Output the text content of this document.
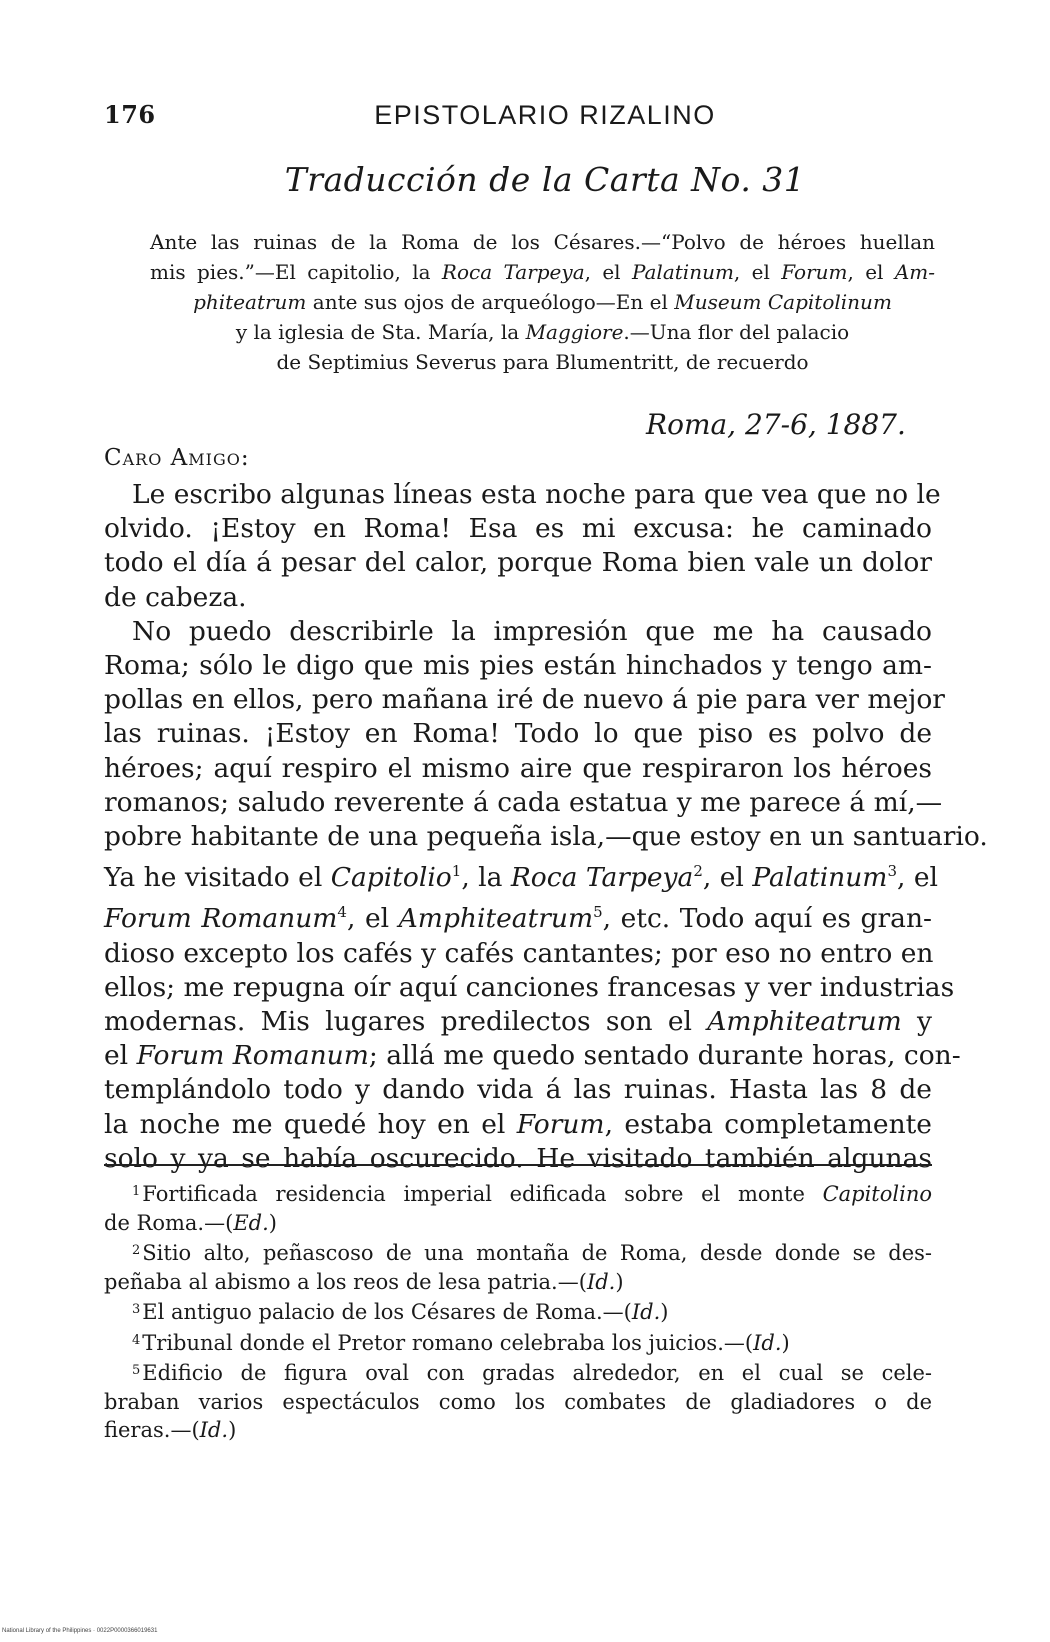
176	EPISTOLARIO RIZALINO
Traducción de la Carta No. 31
Ante las ruinas de la Roma de los Césares.—“Polvo de héroes huellan
mis pies.”—El capitolio, la Roca Tarpeya, el Palatinum, el Forum, el Am-
phiteatrum ante sus ojos de arqueólogo—En el Museum Capitolinum
y la iglesia de Sta. María, la Maggiore.—Una flor del palacio
de Septimius Severus para Blumentritt, de recuerdo
Roma, 27-6, 1887.
Caro Amigo:
Le escribo algunas líneas esta noche para que vea que no le
olvido. ¡Estoy en Roma! Esa es mi excusa: he caminado
todo el día á pesar del calor, porque Roma bien vale un dolor
de cabeza.
No puedo describirle la impresión que me ha causado
Roma; sólo le digo que mis pies están hinchados y tengo am-
pollas en ellos, pero mañana iré de nuevo á pie para ver mejor
las ruinas. ¡Estoy en Roma! Todo lo que piso es polvo de
héroes; aquí respiro el mismo aire que respiraron los héroes
romanos; saludo reverente á cada estatua y me parece á mí,—
pobre habitante de una pequeña isla,—que estoy en un santuario.
Ya he visitado el Capitolio$^1$, la Roca Tarpeya$^2$, el Palatinum$^3$, el
Forum Romanum$^4$, el Amphiteatrum$^5$, etc. Todo aquí es gran-
dioso excepto los cafés y cafés cantantes; por eso no entro en
ellos; me repugna oír aquí canciones francesas y ver industrias
modernas. Mis lugares predilectos son el Amphiteatrum y
el Forum Romanum; allá me quedo sentado durante horas, con-
templándolo todo y dando vida á las ruinas. Hasta las 8 de
la noche me quedé hoy en el Forum, estaba completamente
solo y ya se había oscurecido. He visitado también algunas
$^1$Fortificada residencia imperial edificada sobre el monte Capitolino
de Roma.—(Ed.)
$^2$Sitio alto, peñascoso de una montaña de Roma, desde donde se des-
peñaba al abismo a los reos de lesa patria.—(Id.)
$^3$El antiguo palacio de los Césares de Roma.—(Id.)
$^4$Tribunal donde el Pretor romano celebraba los juicios.—(Id.)
$^5$Edificio de figura oval con gradas alrededor, en el cual se cele-
braban varios espectáculos como los combates de gladiadores o de
fieras.—(Id.)
National Library of the Philippines · 0022P0000366019631
